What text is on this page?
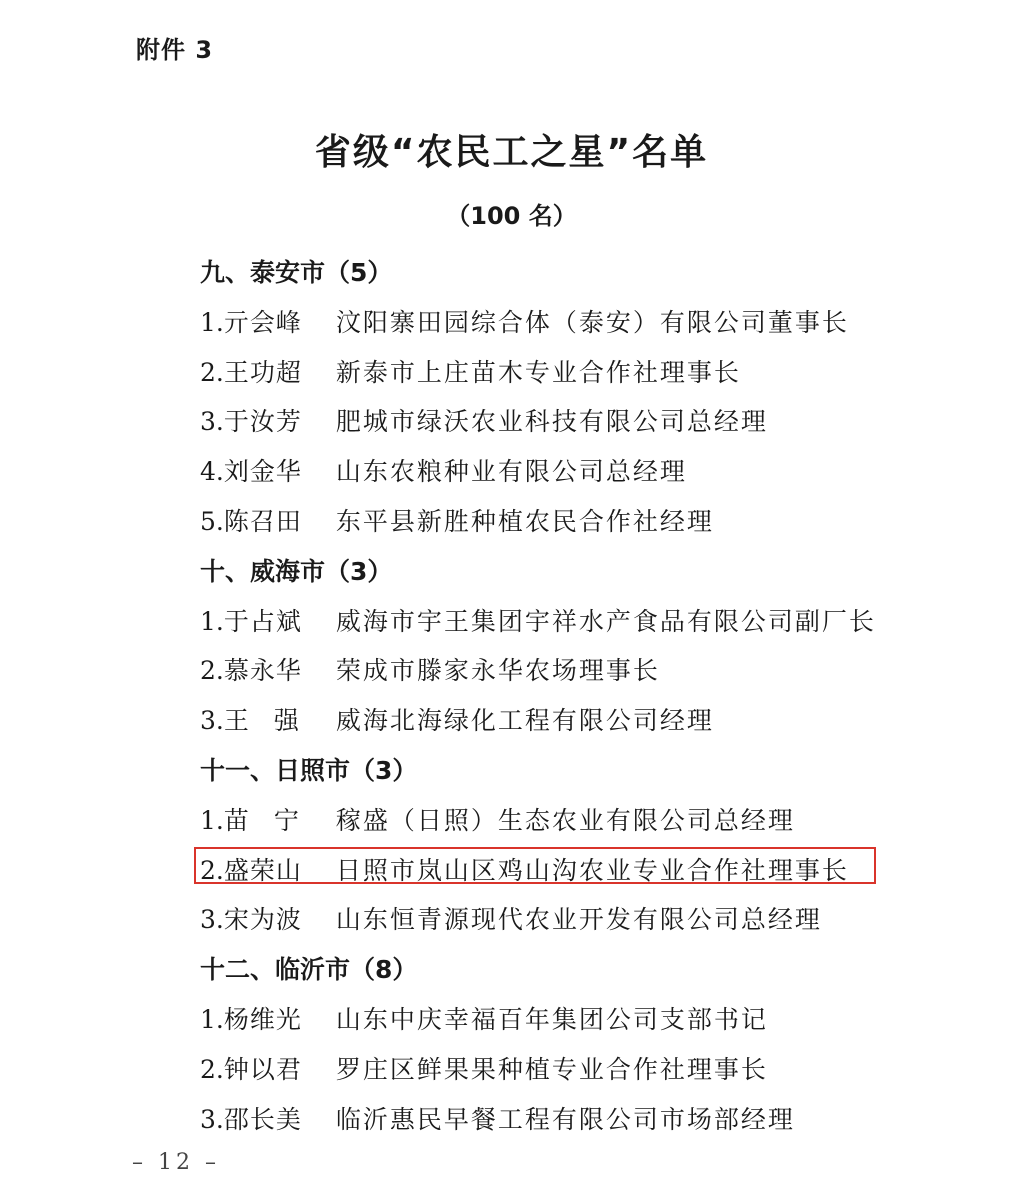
附件 3
省级“农民工之星”名单
（100 名）
九、泰安市（5）
1.亓会峰 汶阳寨田园综合体（泰安）有限公司董事长
2.王功超 新泰市上庄苗木专业合作社理事长
3.于汝芳 肥城市绿沃农业科技有限公司总经理
4.刘金华 山东农粮种业有限公司总经理
5.陈召田 东平县新胜种植农民合作社经理
十、威海市（3）
1.于占斌 威海市宇王集团宇祥水产食品有限公司副厂长
2.慕永华 荣成市滕家永华农场理事长
3.王　强 威海北海绿化工程有限公司经理
十一、日照市（3）
1.苗　宁 稼盛（日照）生态农业有限公司总经理
2.盛荣山 日照市岚山区鸡山沟农业专业合作社理事长
3.宋为波 山东恒青源现代农业开发有限公司总经理
十二、临沂市（8）
1.杨维光 山东中庆幸福百年集团公司支部书记
2.钟以君 罗庄区鲜果果种植专业合作社理事长
3.邵长美 临沂惠民早餐工程有限公司市场部经理
– 12 –
